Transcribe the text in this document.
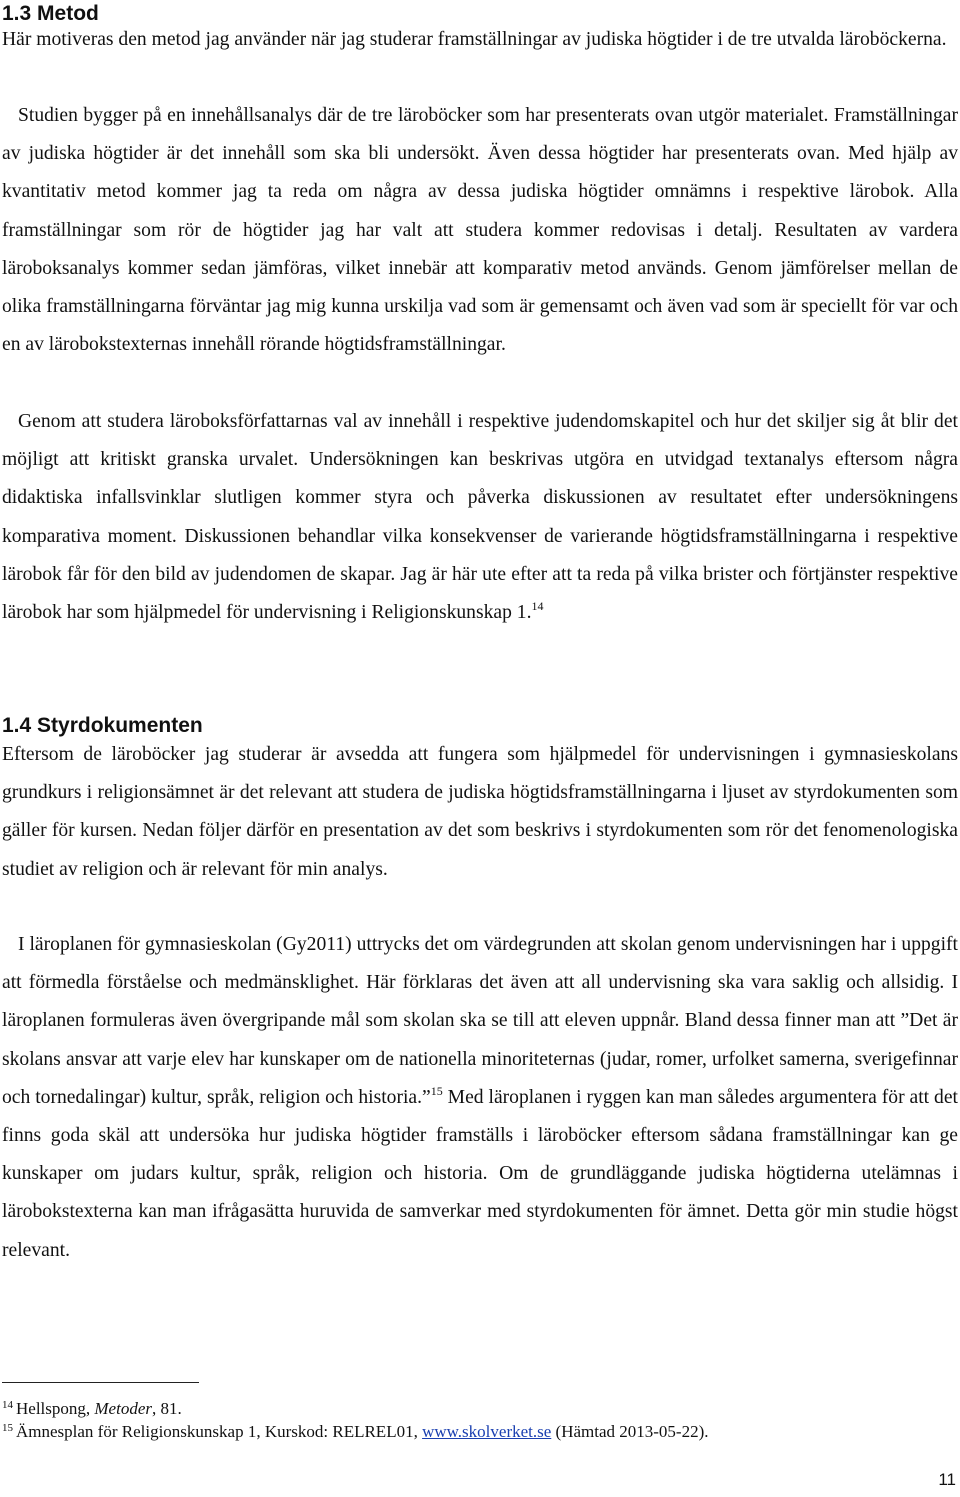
1.3 Metod

Här motiveras den metod jag använder när jag studerar framställningar av judiska högtider i de tre utvalda läroböckerna.

Studien bygger på en innehållsanalys där de tre läroböcker som har presenterats ovan utgör materialet. Framställningar av judiska högtider är det innehåll som ska bli undersökt. Även dessa högtider har presenterats ovan. Med hjälp av kvantitativ metod kommer jag ta reda om några av dessa judiska högtider omnämns i respektive lärobok. Alla framställningar som rör de högtider jag har valt att studera kommer redovisas i detalj. Resultaten av vardera läroboksanalys kommer sedan jämföras, vilket innebär att komparativ metod används. Genom jämförelser mellan de olika framställningarna förväntar jag mig kunna urskilja vad som är gemensamt och även vad som är speciellt för var och en av lärobokstexternas innehåll rörande högtidsframställningar.

Genom att studera läroboksförfattarnas val av innehåll i respektive judendomskapitel och hur det skiljer sig åt blir det möjligt att kritiskt granska urvalet. Undersökningen kan beskrivas utgöra en utvidgad textanalys eftersom några didaktiska infallsvinklar slutligen kommer styra och påverka diskussionen av resultatet efter undersökningens komparativa moment. Diskussionen behandlar vilka konsekvenser de varierande högtidsframställningarna i respektive lärobok får för den bild av judendomen de skapar. Jag är här ute efter att ta reda på vilka brister och förtjänster respektive lärobok har som hjälpmedel för undervisning i Religionskunskap 1.14

1.4 Styrdokumenten

Eftersom de läroböcker jag studerar är avsedda att fungera som hjälpmedel för undervisningen i gymnasieskolans grundkurs i religionsämnet är det relevant att studera de judiska högtidsframställningarna i ljuset av styrdokumenten som gäller för kursen. Nedan följer därför en presentation av det som beskrivs i styrdokumenten som rör det fenomenologiska studiet av religion och är relevant för min analys.

I läroplanen för gymnasieskolan (Gy2011) uttrycks det om värdegrunden att skolan genom undervisningen har i uppgift att förmedla förståelse och medmänsklighet. Här förklaras det även att all undervisning ska vara saklig och allsidig. I läroplanen formuleras även övergripande mål som skolan ska se till att eleven uppnår. Bland dessa finner man att ”Det är skolans ansvar att varje elev har kunskaper om de nationella minoriteternas (judar, romer, urfolket samerna, sverigefinnar och tornedalingar) kultur, språk, religion och historia.”$^{15}$ Med läroplanen i ryggen kan man således argumentera för att det finns goda skäl att undersöka hur judiska högtider framställs i läroböcker eftersom sådana framställningar kan ge kunskaper om judars kultur, språk, religion och historia. Om de grundläggande judiska högtiderna utelämnas i lärobokstexterna kan man ifrågasätta huruvida de samverkar med styrdokumenten för ämnet. Detta gör min studie högst relevant.

$^{14}$ Hellspong, Metoder, 81.

$^{15}$ Ämnesplan för Religionskunskap 1, Kurskod: RELREL01, www.skolverket.se (Hämtad 2013-05-22).

11
